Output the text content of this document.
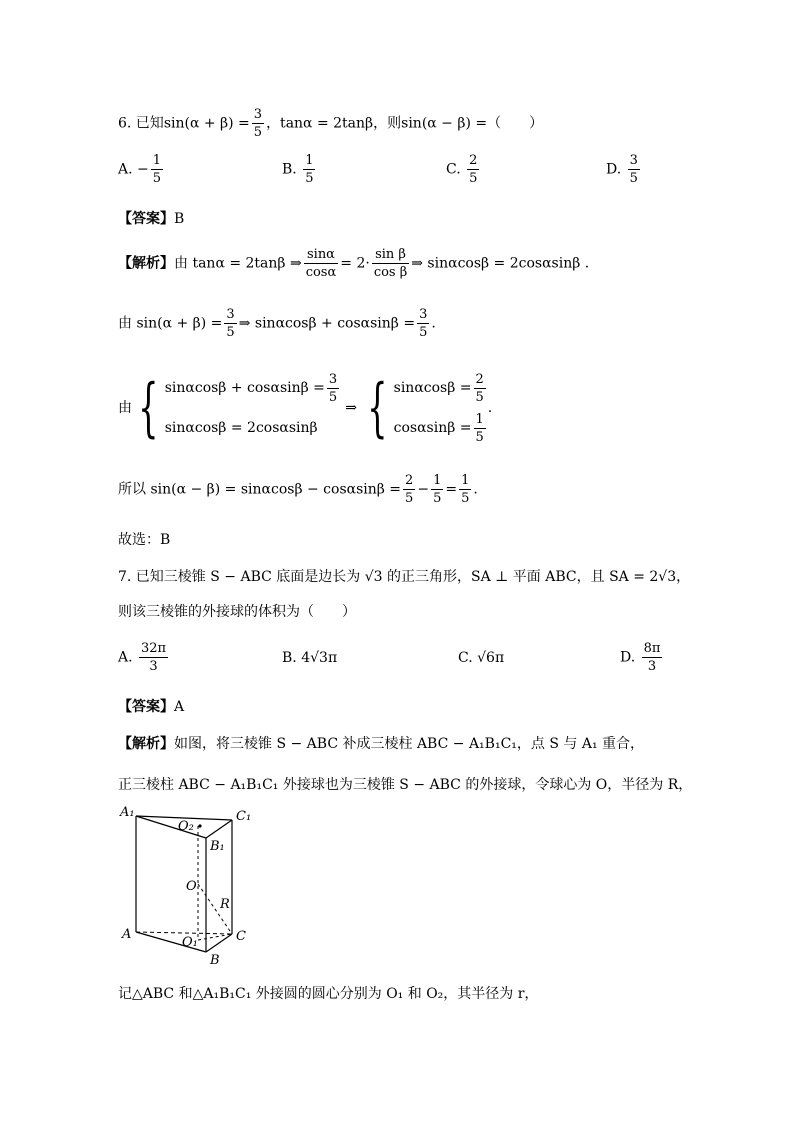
6. 已知$\sin(\alpha + \beta) = \frac{3}{5}$ ，tanα = 2tanβ，则sin(α − β) =（　　）
A. − $\frac{1}{5}$	B. $\frac{1}{5}$	C. $\frac{2}{5}$	D. $\frac{3}{5}$
【答案】B
【解析】由 tanα = 2tanβ ⇒ $\frac{\sin\alpha}{\cos\alpha} = 2\cdot \frac{\text{sin β}}{\text{cos β}}$ ⇒ sinαcosβ = 2cosαsinβ .
由 $\sin(\alpha + \beta) = \frac{3}{5}$ ⇒ $\sin\alpha\cos\beta + \cos\alpha\sin\beta = \frac{3}{5}$ .
由{ $\sin\alpha\cos\beta + \cos\alpha\sin\beta = \frac{3}{5}$
sinαcosβ = 2cosαsinβ
⇒ { $\sin\alpha\cos\beta = \frac{2}{5}$
$\cos\alpha\sin\beta = \frac{1}{5}$
.
所以 $\sin(\alpha - \beta) = \sin\alpha\cos\beta - \cos\alpha\sin\beta = \frac{2}{5} - \frac{1}{5} = \frac{1}{5}$ .
故选：B
7. 已知三棱锥 S − ABC 底面是边长为 √3 的正三角形，SA ⊥ 平面 ABC，且 SA = 2√3，
则该三棱锥的外接球的体积为（　　）
A. $\frac{32\pi}{3}$	B. 4√3π	C. √6π	D. $\frac{8\pi}{3}$
【答案】A
【解析】如图，将三棱锥 S − ABC 补成三棱柱 ABC − A₁B₁C₁，点 S 与 A₁ 重合，
正三棱柱 ABC − A₁B₁C₁ 外接球也为三棱锥 S − ABC 的外接球，令球心为 O，半径为 R，
A₁	C₁
O₂
B₁
O
R
A
O₁	C
B
记△ABC 和△A₁B₁C₁ 外接圆的圆心分别为 O₁ 和 O₂，其半径为 r，
